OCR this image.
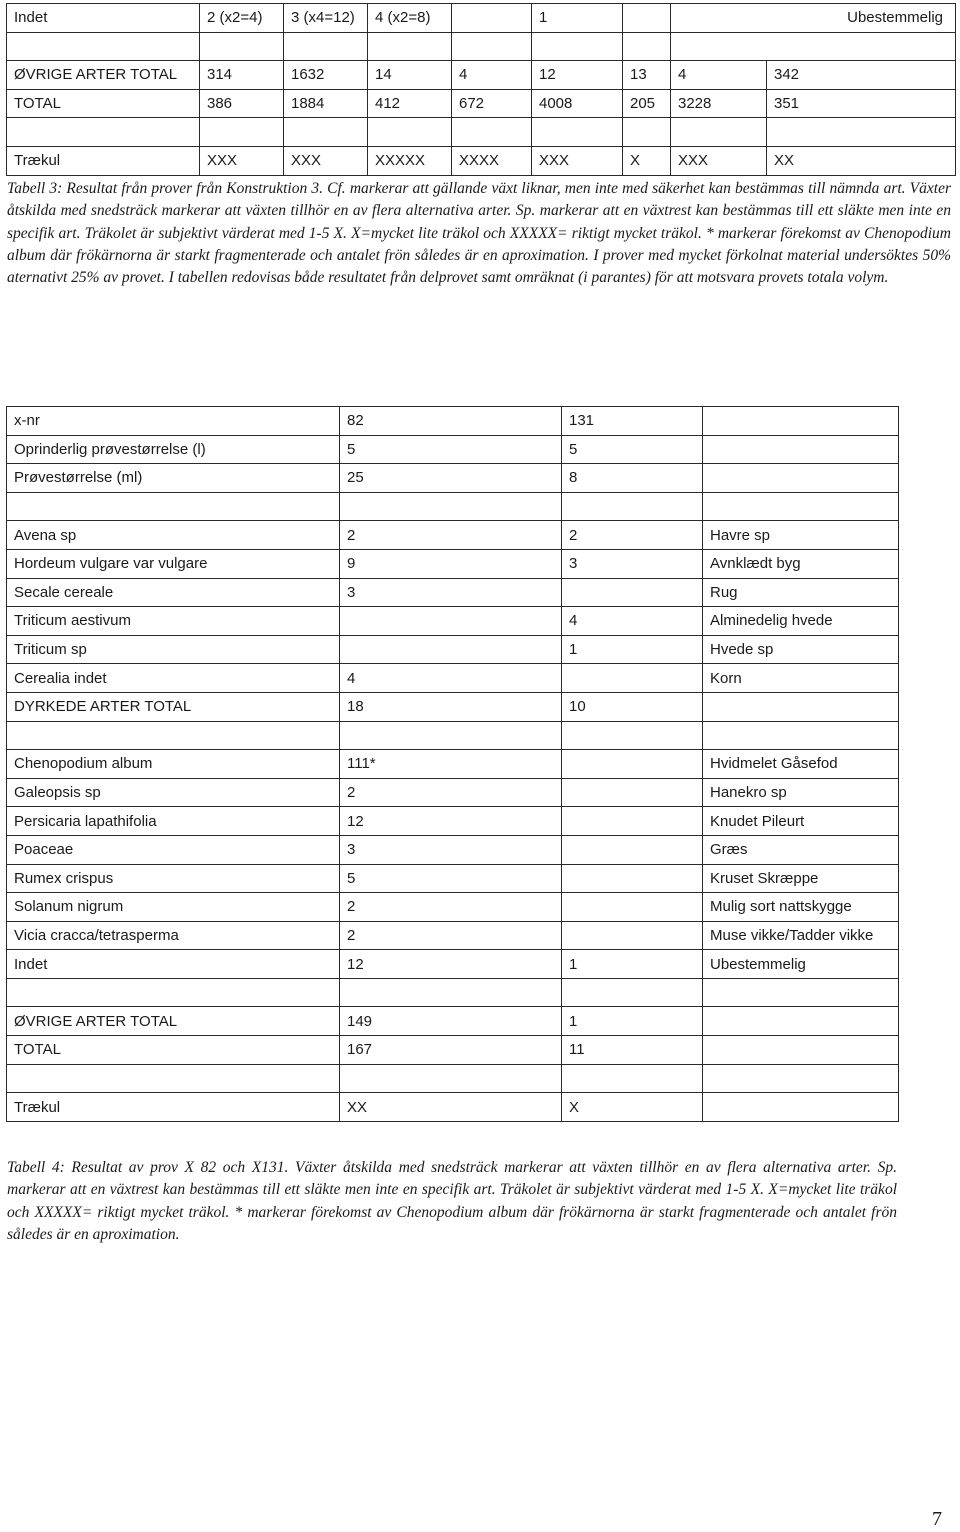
Indet	2 (x2=4)	3 (x4=12)	4 (x2=8)		1		Ubestemmelig	

ØVRIGE ARTER TOTAL	314	1632	14	4	12	13	4	342
TOTAL	386	1884	412	672	4008	205	3228	351

Trækul	XXX	XXX	XXXXX	XXXX	XXX	X	XXX	XX

Tabell 3: Resultat från prover från Konstruktion 3. Cf. markerar att gällande växt liknar, men inte med säkerhet kan bestämmas till nämnda art. Växter åtskilda med snedsträck markerar att växten tillhör en av flera alternativa arter. Sp. markerar att en växtrest kan bestämmas till ett släkte men inte en specifik art. Träkolet är subjektivt värderat med 1-5 X. X=mycket lite träkol och XXXXX= riktigt mycket träkol. * markerar förekomst av Chenopodium album där frökärnorna är starkt fragmenterade och antalet frön således är en aproximation. I prover med mycket förkolnat material undersöktes 50% aternativt 25% av provet. I tabellen redovisas både resultatet från delprovet samt omräknat (i parantes) för att motsvara provets totala volym.

x-nr	82	131	
Oprinderlig prøvestørrelse (l)	5	5	
Prøvestørrelse (ml)	25	8	

Avena sp	2	2	Havre sp
Hordeum vulgare var vulgare	9	3	Avnklædt byg
Secale cereale	3		Rug
Triticum aestivum		4	Alminedelig hvede
Triticum sp		1	Hvede sp
Cerealia indet	4		Korn
DYRKEDE ARTER TOTAL	18	10	

Chenopodium album	111*		Hvidmelet Gåsefod
Galeopsis sp	2		Hanekro sp
Persicaria lapathifolia	12		Knudet Pileurt
Poaceae	3		Græs
Rumex crispus	5		Kruset Skræppe
Solanum nigrum	2		Mulig sort nattskygge
Vicia cracca/tetrasperma	2		Muse vikke/Tadder vikke
Indet	12	1	Ubestemmelig

ØVRIGE ARTER TOTAL	149	1	
TOTAL	167	11	

Trækul	XX	X	

Tabell 4: Resultat av prov X 82 och X131. Växter åtskilda med snedsträck markerar att växten tillhör en av flera alternativa arter. Sp. markerar att en växtrest kan bestämmas till ett släkte men inte en specifik art. Träkolet är subjektivt värderat med 1-5 X. X=mycket lite träkol och XXXXX= riktigt mycket träkol. * markerar förekomst av Chenopodium album där frökärnorna är starkt fragmenterade och antalet frön således är en aproximation.

7
